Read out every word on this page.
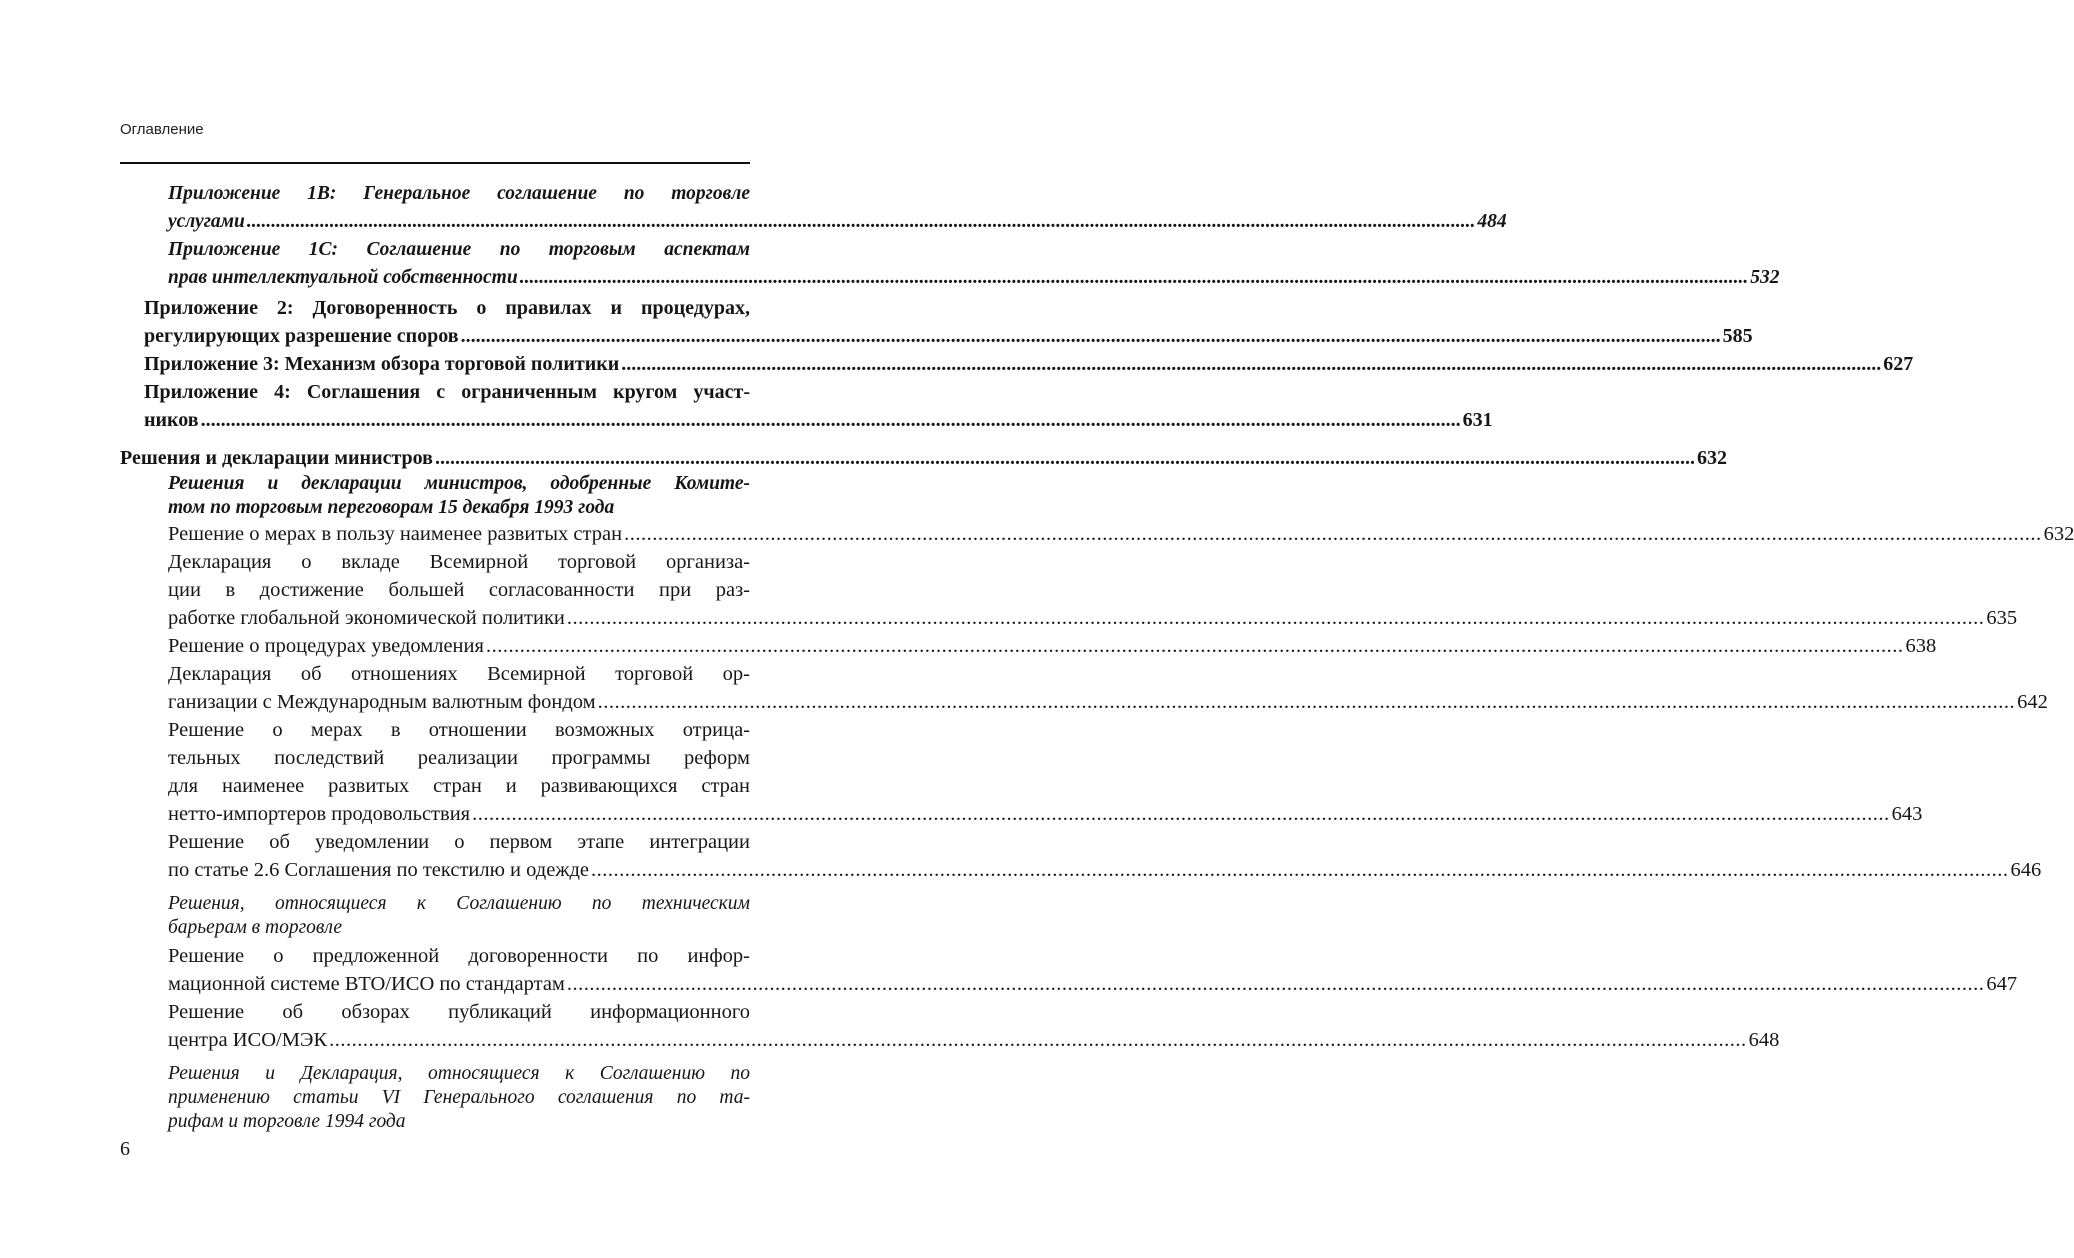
Оглавление
Приложение 1В: Генеральное соглашение по торговле
услугами .....	484
Приложение 1С: Соглашение по торговым аспектам
прав интеллектуальной собственности .....	532
Приложение 2: Договоренность о правилах и процедурах,
регулирующих разрешение споров .....	585
Приложение 3: Механизм обзора торговой политики .....	627
Приложение 4: Соглашения с ограниченным кругом участ-
ников .....	631
Решения и декларации министров .....	632
Решения и декларации министров, одобренные Комите-
том по торговым переговорам 15 декабря 1993 года
Решение о мерах в пользу наименее развитых стран .....	632
Декларация о вкладе Всемирной торговой организа-
ции в достижение большей согласованности при раз-
работке глобальной экономической политики .....	635
Решение о процедурах уведомления .....	638
Декларация об отношениях Всемирной торговой ор-
ганизации с Международным валютным фондом .....	642
Решение о мерах в отношении возможных отрица-
тельных последствий реализации программы реформ
для наименее развитых стран и развивающихся стран
нетто-импортеров продовольствия .....	643
Решение об уведомлении о первом этапе интеграции
по статье 2.6 Соглашения по текстилю и одежде .....	646
Решения, относящиеся к Соглашению по техническим
барьерам в торговле
Решение о предложенной договоренности по инфор-
мационной системе ВТО/ИСО по стандартам .....	647
Решение об обзорах публикаций информационного
центра ИСО/МЭК .....	648
Решения и Декларация, относящиеся к Соглашению по
применению статьи VI Генерального соглашения по та-
рифам и торговле 1994 года
6
